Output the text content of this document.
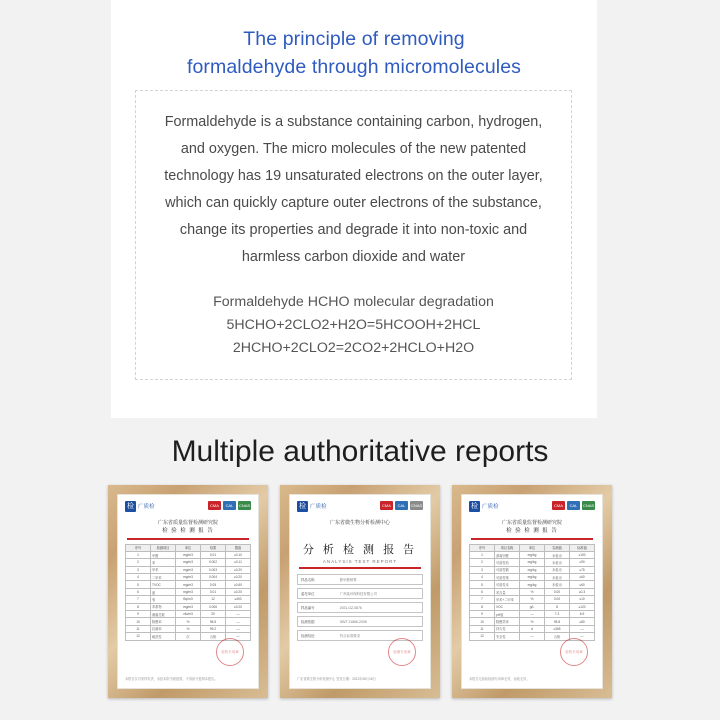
The principle of removing
formaldehyde through micromolecules
Formaldehyde is a substance containing carbon, hydrogen, and oxygen. The micro molecules of the new patented technology has 19 unsaturated electrons on the outer layer, which can quickly capture outer electrons of the substance, change its properties and degrade it into non-toxic and harmless carbon dioxide and water
Formaldehyde HCHO molecular degradation
5HCHO+2CLO2+H2O=5HCOOH+2HCL
2HCHO+2CLO2=2CO2+2HCLO+H2O
Multiple authoritative reports
检 广质检	CMA	CAL	CNAS
广东省质量监督检测研究院
检 验 检 测 报 告
序号	检测项目	单位	结果	限值
1	甲醛	mg/m3	0.01	≤0.10
2	苯	mg/m3	0.002	≤0.11
3	甲苯	mg/m3	0.003	≤0.20
4	二甲苯	mg/m3	0.004	≤0.20
5	TVOC	mg/m3	0.05	≤0.60
6	氨	mg/m3	0.01	≤0.20
7	氡	Bq/m3	12	≤400
8	苯系物	mg/m3	0.006	≤0.20
9	菌落总数	cfu/m3	20	—
10	除醛率	%	96.5	—
11	抗菌率	%	99.2	—
12	耐洗性	次	合格	—
检验专用章
本报告仅对来样负责，未经本院书面批准，不得部分复制本报告。
检 广质检	CMA	CAL	CNAS
广东省微生物分析检测中心
分 析 检 测 报 告
ANALYSIS TEST REPORT
样品名称	除甲醛喷雾
委托单位	广州某环保科技有限公司
样品编号	2021-GZ-0876
检测依据	GB/T 21866-2008
检测结论	符合标准要求
检测专用章
广东省微生物分析检测中心 签发日期：2021年08月16日
检 广质检	CMA	CAL	CNAS
广东省质量监督检测研究院
检 验 检 测 报 告
序号	项目名称	单位	实测值	标准值
1	游离甲醛	mg/kg	未检出	≤100
2	可溶性铅	mg/kg	未检出	≤90
3	可溶性镉	mg/kg	未检出	≤75
4	可溶性铬	mg/kg	未检出	≤60
5	可溶性汞	mg/kg	未检出	≤60
6	苯含量	%	0.00	≤0.3
7	甲苯+二甲苯	%	0.00	≤10
8	VOC	g/L	8	≤120
9	pH值	—	7.2	6-9
10	除醛效率	%	95.8	≥80
11	持久性	d	≥365	—
12	安全性	—	合格	—
检验专用章
本报告无检验检测专用章无效，涂改无效。
